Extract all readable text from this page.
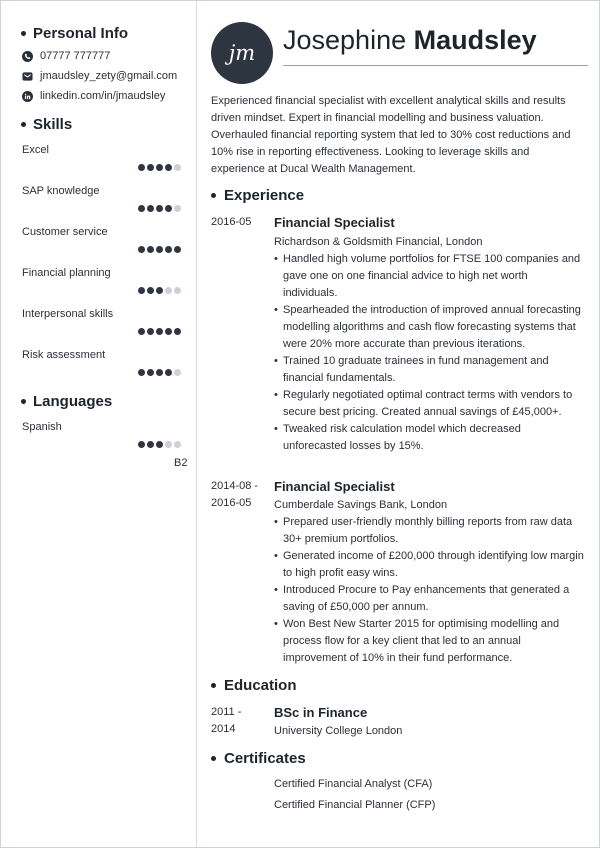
Personal Info
07777 777777
jmaudsley_zety@gmail.com
linkedin.com/in/jmaudsley
Skills
Excel
SAP knowledge
Customer service
Financial planning
Interpersonal skills
Risk assessment
Languages
Spanish
B2
jm	Josephine Maudsley
Experienced financial specialist with excellent analytical skills and results driven mindset. Expert in financial modelling and business valuation. Overhauled financial reporting system that led to 30% cost reductions and 10% rise in reporting effectiveness. Looking to leverage skills and experience at Ducal Wealth Management.
Experience
2016-05	Financial Specialist
Richardson & Goldsmith Financial, London
• Handled high volume portfolios for FTSE 100 companies and gave one on one financial advice to high net worth individuals.
• Spearheaded the introduction of improved annual forecasting modelling algorithms and cash flow forecasting systems that were 20% more accurate than previous iterations.
• Trained 10 graduate trainees in fund management and financial fundamentals.
• Regularly negotiated optimal contract terms with vendors to secure best pricing. Created annual savings of £45,000+.
• Tweaked risk calculation model which decreased unforecasted losses by 15%.
2014-08 - 2016-05
Financial Specialist
Cumberdale Savings Bank, London
• Prepared user-friendly monthly billing reports from raw data 30+ premium portfolios.
• Generated income of £200,000 through identifying low margin to high profit easy wins.
• Introduced Procure to Pay enhancements that generated a saving of £50,000 per annum.
• Won Best New Starter 2015 for optimising modelling and process flow for a key client that led to an annual improvement of 10% in their fund performance.
Education
2011 - 2014
BSc in Finance
University College London
Certificates
Certified Financial Analyst (CFA)
Certified Financial Planner (CFP)
